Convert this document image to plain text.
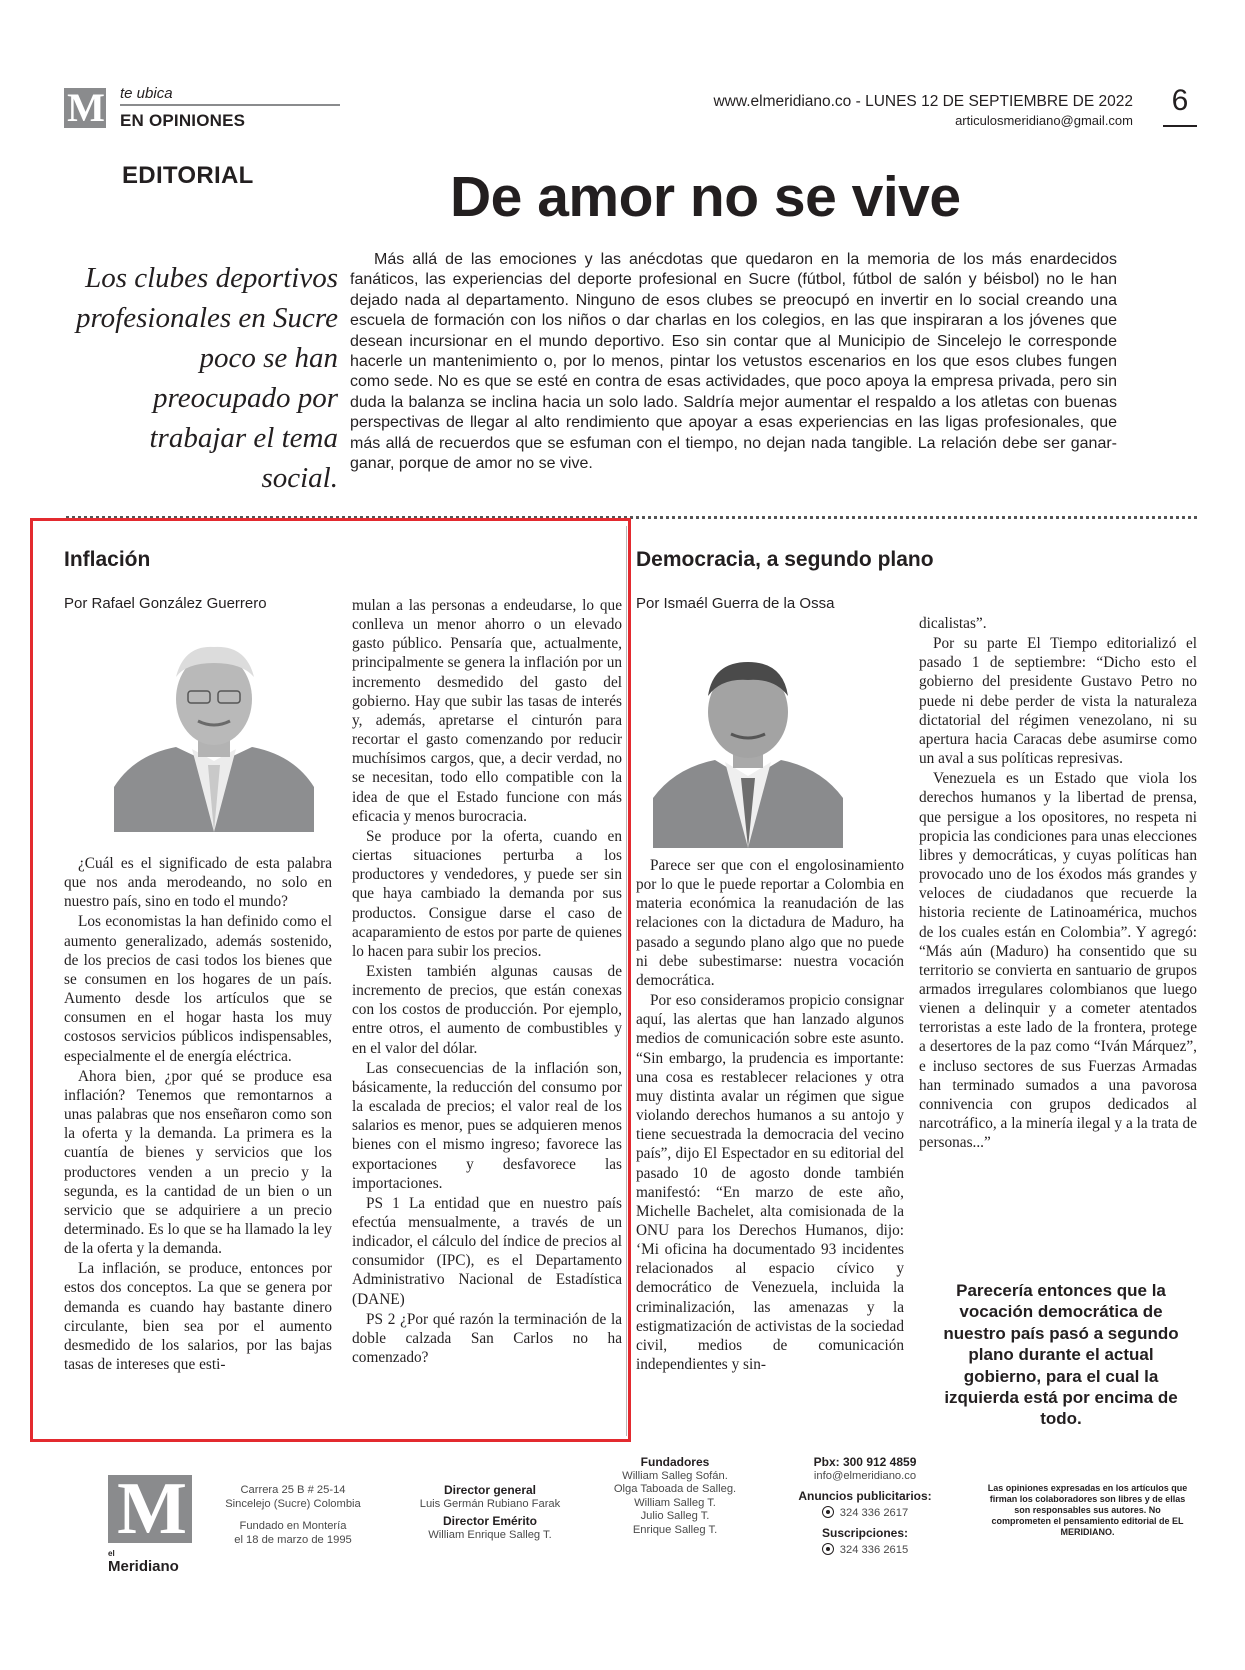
M te ubica
EN OPINIONES
www.elmeridiano.co - LUNES 12 DE SEPTIEMBRE DE 2022
articulosmeridiano@gmail.com
6
EDITORIAL	De amor no se vive
Los clubes deportivos profesionales en Sucre poco se han preocupado por trabajar el tema social.

Más allá de las emociones y las anécdotas que quedaron en la memoria de los más enardecidos fanáticos, las experiencias del deporte profesional en Sucre (fútbol, fútbol de salón y béisbol) no le han dejado nada al departamento. Ninguno de esos clubes se preocupó en invertir en lo social creando una escuela de formación con los niños o dar charlas en los colegios, en las que inspiraran a los jóvenes que desean incursionar en el mundo deportivo. Eso sin contar que al Municipio de Sincelejo le corresponde hacerle un mantenimiento o, por lo menos, pintar los vetustos escenarios en los que esos clubes fungen como sede. No es que se esté en contra de esas actividades, que poco apoya la empresa privada, pero sin duda la balanza se inclina hacia un solo lado. Saldría mejor aumentar el respaldo a los atletas con buenas perspectivas de llegar al alto rendimiento que apoyar a esas experiencias en las ligas profesionales, que más allá de recuerdos que se esfuman con el tiempo, no dejan nada tangible. La relación debe ser ganar-ganar, porque de amor no se vive.

Inflación
Por Rafael González Guerrero

¿Cuál es el significado de esta palabra que nos anda merodeando, no solo en nuestro país, sino en todo el mundo?

Los economistas la han definido como el aumento generalizado, además sostenido, de los precios de casi todos los bienes que se consumen en los hogares de un país. Aumento desde los artículos que se consumen en el hogar hasta los muy costosos servicios públicos indispensables, especialmente el de energía eléctrica.

Ahora bien, ¿por qué se produce esa inflación? Tenemos que remontarnos a unas palabras que nos enseñaron como son la oferta y la demanda. La primera es la cuantía de bienes y servicios que los productores venden a un precio y la segunda, es la cantidad de un bien o un servicio que se adquiriere a un precio determinado. Es lo que se ha llamado la ley de la oferta y la demanda.

La inflación, se produce, entonces por estos dos conceptos. La que se genera por demanda es cuando hay bastante dinero circulante, bien sea por el aumento desmedido de los salarios, por las bajas tasas de intereses que esti-

mulan a las personas a endeudarse, lo que conlleva un menor ahorro o un elevado gasto público. Pensaría que, actualmente, principalmente se genera la inflación por un incremento desmedido del gasto del gobierno. Hay que subir las tasas de interés y, además, apretarse el cinturón para recortar el gasto comenzando por reducir muchísimos cargos, que, a decir verdad, no se necesitan, todo ello compatible con la idea de que el Estado funcione con más eficacia y menos burocracia.

Se produce por la oferta, cuando en ciertas situaciones perturba a los productores y vendedores, y puede ser sin que haya cambiado la demanda por sus productos. Consigue darse el caso de acaparamiento de estos por parte de quienes lo hacen para subir los precios.

Existen también algunas causas de incremento de precios, que están conexas con los costos de producción. Por ejemplo, entre otros, el aumento de combustibles y en el valor del dólar.

Las consecuencias de la inflación son, básicamente, la reducción del consumo por la escalada de precios; el valor real de los salarios es menor, pues se adquieren menos bienes con el mismo ingreso; favorece las exportaciones y desfavorece las importaciones.

PS 1 La entidad que en nuestro país efectúa mensualmente, a través de un indicador, el cálculo del índice de precios al consumidor (IPC), es el Departamento Administrativo Nacional de Estadística (DANE)

PS 2 ¿Por qué razón la terminación de la doble calzada San Carlos no ha comenzado?

Democracia, a segundo plano
Por Ismaél Guerra de la Ossa

Parece ser que con el engolosinamiento por lo que le puede reportar a Colombia en materia económica la reanudación de las relaciones con la dictadura de Maduro, ha pasado a segundo plano algo que no puede ni debe subestimarse: nuestra vocación democrática.

Por eso consideramos propicio consignar aquí, las alertas que han lanzado algunos medios de comunicación sobre este asunto. “Sin embargo, la prudencia es importante: una cosa es restablecer relaciones y otra muy distinta avalar un régimen que sigue violando derechos humanos a su antojo y tiene secuestrada la democracia del vecino país”, dijo El Espectador en su editorial del pasado 10 de agosto donde también manifestó: “En marzo de este año, Michelle Bachelet, alta comisionada de la ONU para los Derechos Humanos, dijo: ‘Mi oficina ha documentado 93 incidentes relacionados al espacio cívico y democrático de Venezuela, incluida la criminalización, las amenazas y la estigmatización de activistas de la sociedad civil, medios de comunicación independientes y sin-

dicalistas”.

Por su parte El Tiempo editorializó el pasado 1 de septiembre: “Dicho esto el gobierno del presidente Gustavo Petro no puede ni debe perder de vista la naturaleza dictatorial del régimen venezolano, ni su apertura hacia Caracas debe asumirse como un aval a sus políticas represivas.

Venezuela es un Estado que viola los derechos humanos y la libertad de prensa, que persigue a los opositores, no respeta ni propicia las condiciones para unas elecciones libres y democráticas, y cuyas políticas han provocado uno de los éxodos más grandes y veloces de ciudadanos que recuerde la historia reciente de Latinoamérica, muchos de los cuales están en Colombia”. Y agregó: “Más aún (Maduro) ha consentido que su territorio se convierta en santuario de grupos armados irregulares colombianos que luego vienen a delinquir y a cometer atentados terroristas a este lado de la frontera, protege a desertores de la paz como “Iván Márquez”, e incluso sectores de sus Fuerzas Armadas han terminado sumados a una pavorosa connivencia con grupos dedicados al narcotráfico, a la minería ilegal y a la trata de personas...”

Parecería entonces que la vocación democrática de nuestro país pasó a segundo plano durante el actual gobierno, para el cual la izquierda está por encima de todo.
M
el
Meridiano
Carrera 25 B # 25-14
Sincelejo (Sucre) Colombia
Fundado en Montería
el 18 de marzo de 1995
Director general
Luis Germán Rubiano Farak
Director Emérito
William Enrique Salleg T.
Fundadores
William Salleg Sofán.
Olga Taboada de Salleg.
William Salleg T.
Julio Salleg T.
Enrique Salleg T.
Pbx: 300 912 4859
info@elmeridiano.co
Anuncios publicitarios:
324 336 2617
Suscripciones:
324 336 2615
Las opiniones expresadas en los artículos que firman los colaboradores son libres y de ellas son responsables sus autores. No comprometen el pensamiento editorial de EL MERIDIANO.
